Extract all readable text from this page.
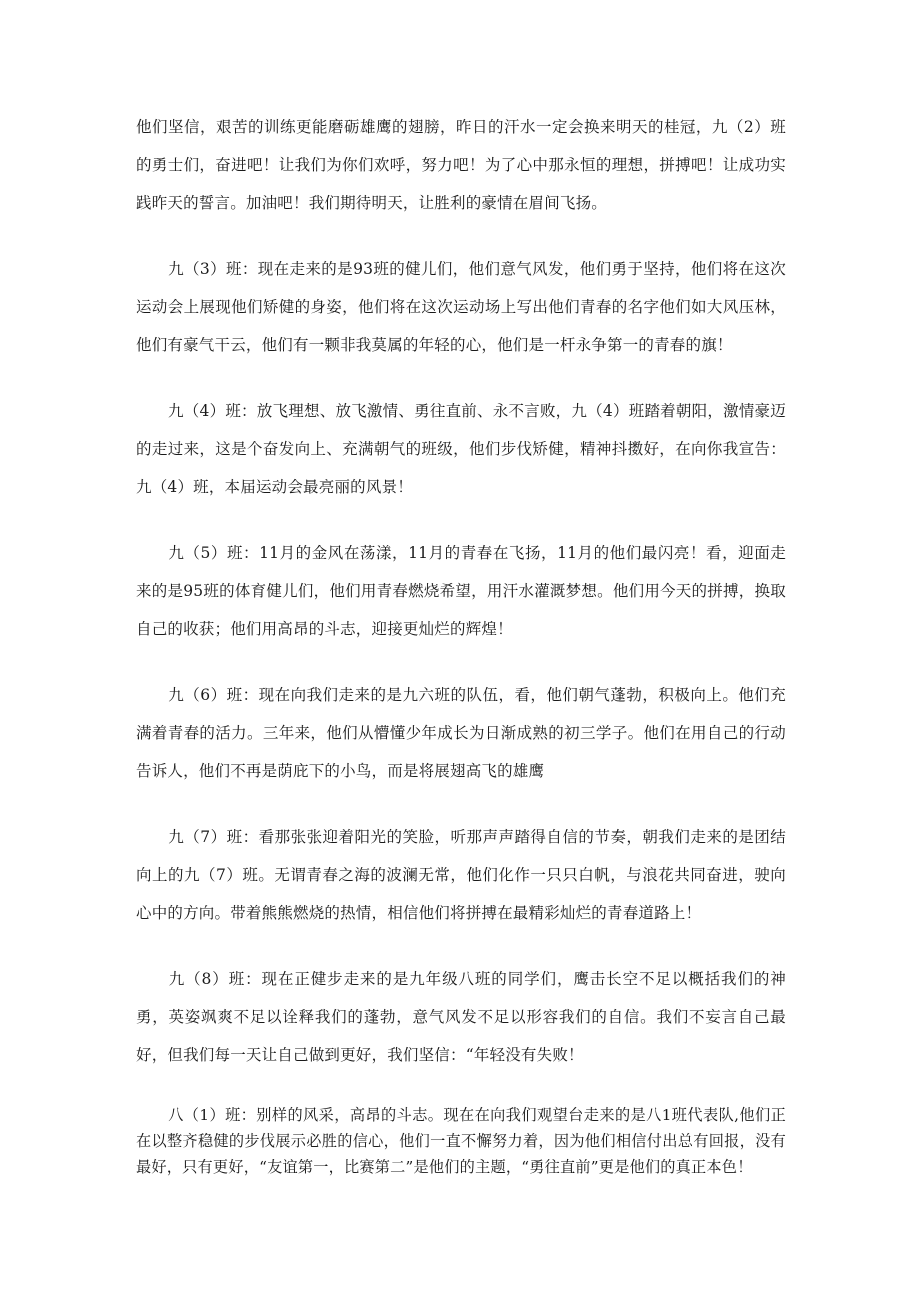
他们坚信，艰苦的训练更能磨砺雄鹰的翅膀，昨日的汗水一定会换来明天的桂冠，九（2）班的勇士们，奋进吧！让我们为你们欢呼，努力吧！为了心中那永恒的理想，拼搏吧！让成功实践昨天的誓言。加油吧！我们期待明天，让胜利的豪情在眉间飞扬。

九（3）班：现在走来的是93班的健儿们，他们意气风发，他们勇于坚持，他们将在这次运动会上展现他们矫健的身姿，他们将在这次运动场上写出他们青春的名字他们如大风压林，他们有豪气干云，他们有一颗非我莫属的年轻的心，他们是一杆永争第一的青春的旗！

九（4）班：放飞理想、放飞激情、勇往直前、永不言败，九（4）班踏着朝阳，激情豪迈的走过来，这是个奋发向上、充满朝气的班级，他们步伐矫健，精神抖擞好，在向你我宣告：九（4）班，本届运动会最亮丽的风景！

九（5）班：11月的金风在荡漾，11月的青春在飞扬，11月的他们最闪亮！看，迎面走来的是95班的体育健儿们，他们用青春燃烧希望，用汗水灌溉梦想。他们用今天的拼搏，换取自己的收获；他们用高昂的斗志，迎接更灿烂的辉煌！

九（6）班：现在向我们走来的是九六班的队伍，看，他们朝气蓬勃，积极向上。他们充满着青春的活力。三年来，他们从懵懂少年成长为日渐成熟的初三学子。他们在用自己的行动告诉人，他们不再是荫庇下的小鸟，而是将展翅高飞的雄鹰

九（7）班：看那张张迎着阳光的笑脸，听那声声踏得自信的节奏，朝我们走来的是团结向上的九（7）班。无谓青春之海的波澜无常，他们化作一只只白帆，与浪花共同奋进，驶向心中的方向。带着熊熊燃烧的热情，相信他们将拼搏在最精彩灿烂的青春道路上！

九（8）班：现在正健步走来的是九年级八班的同学们，鹰击长空不足以概括我们的神勇，英姿飒爽不足以诠释我们的蓬勃，意气风发不足以形容我们的自信。我们不妄言自己最好，但我们每一天让自己做到更好，我们坚信：“年轻没有失败！

八（1）班：别样的风采，高昂的斗志。现在在向我们观望台走来的是八1班代表队,他们正在以整齐稳健的步伐展示必胜的信心，他们一直不懈努力着，因为他们相信付出总有回报，没有最好，只有更好，“友谊第一，比赛第二”是他们的主题，“勇往直前”更是他们的真正本色！
